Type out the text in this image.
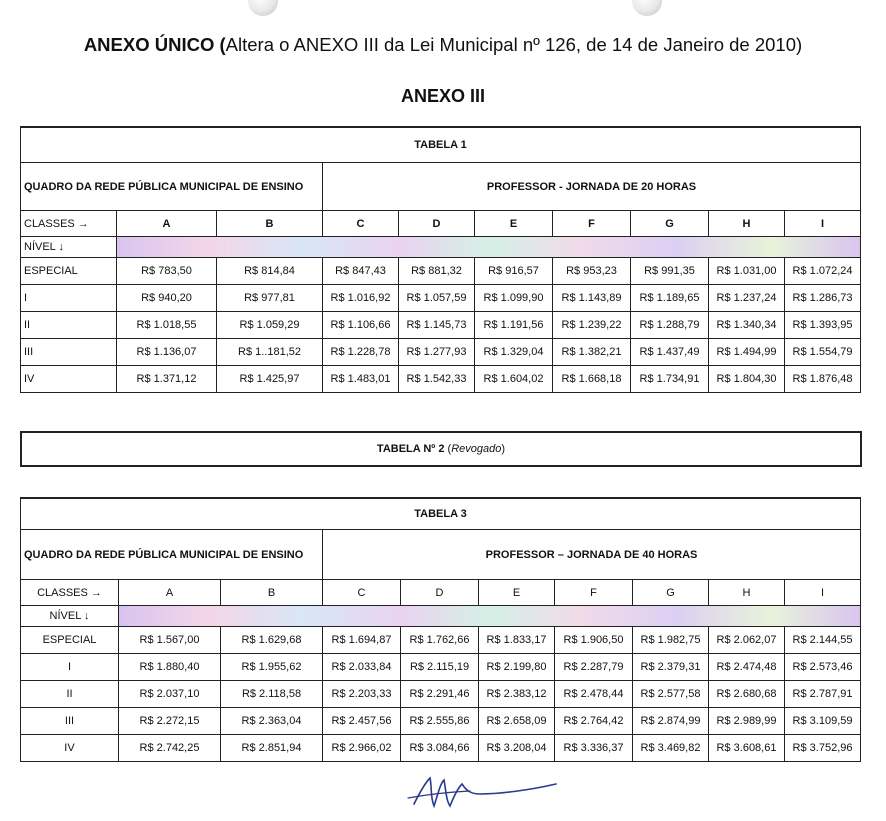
ANEXO ÚNICO (Altera o ANEXO III da Lei Municipal nº 126, de 14 de Janeiro de 2010)
ANEXO III
TABELA 1									
QUADRO DA REDE PÚBLICA MUNICIPAL DE ENSINO			PROFESSOR - JORNADA DE 20 HORAS						
CLASSES →	A	B	C	D	E	F	G	H	I
NÍVEL ↓									
ESPECIAL	R$ 783,50	R$ 814,84	R$ 847,43	R$ 881,32	R$ 916,57	R$ 953,23	R$ 991,35	R$ 1.031,00	R$ 1.072,24
I	R$ 940,20	R$ 977,81	R$ 1.016,92	R$ 1.057,59	R$ 1.099,90	R$ 1.143,89	R$ 1.189,65	R$ 1.237,24	R$ 1.286,73
II	R$ 1.018,55	R$ 1.059,29	R$ 1.106,66	R$ 1.145,73	R$ 1.191,56	R$ 1.239,22	R$ 1.288,79	R$ 1.340,34	R$ 1.393,95
III	R$ 1.136,07	R$ 1..181,52	R$ 1.228,78	R$ 1.277,93	R$ 1.329,04	R$ 1.382,21	R$ 1.437,49	R$ 1.494,99	R$ 1.554,79
IV	R$ 1.371,12	R$ 1.425,97	R$ 1.483,01	R$ 1.542,33	R$ 1.604,02	R$ 1.668,18	R$ 1.734,91	R$ 1.804,30	R$ 1.876,48
TABELA Nº 2 (Revogado)
TABELA 3									
QUADRO DA REDE PÚBLICA MUNICIPAL DE ENSINO			PROFESSOR – JORNADA DE 40 HORAS						
CLASSES →	A	B	C	D	E	F	G	H	I
NÍVEL ↓									
ESPECIAL	R$ 1.567,00	R$ 1.629,68	R$ 1.694,87	R$ 1.762,66	R$ 1.833,17	R$ 1.906,50	R$ 1.982,75	R$ 2.062,07	R$ 2.144,55
I	R$ 1.880,40	R$ 1.955,62	R$ 2.033,84	R$ 2.115,19	R$ 2.199,80	R$ 2.287,79	R$ 2.379,31	R$ 2.474,48	R$ 2.573,46
II	R$ 2.037,10	R$ 2.118,58	R$ 2.203,33	R$ 2.291,46	R$ 2.383,12	R$ 2.478,44	R$ 2.577,58	R$ 2.680,68	R$ 2.787,91
III	R$ 2.272,15	R$ 2.363,04	R$ 2.457,56	R$ 2.555,86	R$ 2.658,09	R$ 2.764,42	R$ 2.874,99	R$ 2.989,99	R$ 3.109,59
IV	R$ 2.742,25	R$ 2.851,94	R$ 2.966,02	R$ 3.084,66	R$ 3.208,04	R$ 3.336,37	R$ 3.469,82	R$ 3.608,61	R$ 3.752,96
